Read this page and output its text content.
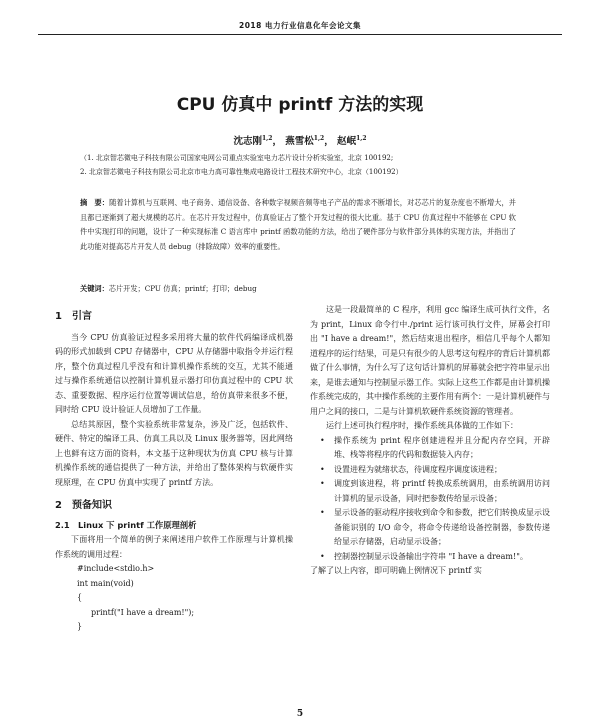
2018 电力行业信息化年会论文集
CPU 仿真中 printf 方法的实现
沈志刚$^{1,2}$， 燕雪松$^{1,2}$， 赵岷$^{1,2}$
（1. 北京智芯微电子科技有限公司国家电网公司重点实验室电力芯片设计分析实验室，北京 100192;
2. 北京智芯微电子科技有限公司北京市电力高可靠性集成电路设计工程技术研究中心，北京（100192）
摘　要：随着计算机与互联网、电子商务、通信设备、各种数字视频音频等电子产品的需求不断增长，对芯芯片的复杂度也不断增大，并且都已逐渐到了超大规模的芯片。在芯片开发过程中，仿真验证占了整个开发过程的很大比重。基于 CPU 仿真过程中不能够在 CPU 软件中实现打印的问题，设计了一种实现标准 C 语言库中 printf 函数功能的方法，给出了硬件部分与软件部分具体的实现方法，并指出了此功能对提高芯片开发人员 debug（排除故障）效率的重要性。
关键词：芯片开发；CPU 仿真；printf；打印；debug
1　引言

当今 CPU 仿真验证过程多采用将大量的软件代码编译成机器码的形式加载到 CPU 存储器中，CPU 从存储器中取指令并运行程序，整个仿真过程几乎没有和计算机操作系统的交互，尤其不能通过与操作系统通信以控制计算机显示器打印仿真过程中的 CPU 状态、重要数据、程序运行位置等调试信息，给仿真带来很多不便，同时给 CPU 设计验证人员增加了工作量。

总结其原因，整个实验系统非常复杂，涉及广泛，包括软件、硬件、特定的编译工具、仿真工具以及 Linux 服务器等，因此网络上也鲜有这方面的资料，本文基于这种现状为仿真 CPU 核与计算机操作系统的通信提供了一种方法，并给出了整体架构与软硬件实现原理，在 CPU 仿真中实现了 printf 方法。

2　预备知识
2.1　Linux 下 printf 工作原理剖析

下面将用一个简单的例子来阐述用户软件工作原理与计算机操作系统的调用过程：

#include<stdio.h>
int main(void)
{
printf("I have a dream!");
}

这是一段最简单的 C 程序，利用 gcc 编译生成可执行文件，名为 print，Linux 命令行中./print 运行该可执行文件，屏幕会打印出 "I have a dream!"，然后结束退出程序，相信几乎每个人都知道程序的运行结果，可是只有很少的人思考这句程序的背后计算机都做了什么事情，为什么写了这句话计算机的屏幕就会把字符串显示出来，是谁去通知与控制显示器工作。实际上这些工作都是由计算机操作系统完成的，其中操作系统的主要作用有两个：一是计算机硬件与用户之间的接口，二是与计算机软硬件系统资源的管理者。

运行上述可执行程序时，操作系统具体做的工作如下：

• 操作系统为 print 程序创建进程并且分配内存空间，开辟堆、栈等将程序的代码和数据装入内存；
• 设置进程为就绪状态，待调度程序调度该进程；
• 调度到该进程，将 printf 转换成系统调用，由系统调用访问计算机的显示设备，同时把参数传给显示设备；
• 显示设备的驱动程序接收到命令和参数，把它们转换成显示设备能识别的 I/O 命令，将命令传递给设备控制器，参数传递给显示存储器，启动显示设备；
• 控制器控制显示设备输出字符串 "I have a dream!"。

了解了以上内容，即可明确上例情况下 printf 实

5
